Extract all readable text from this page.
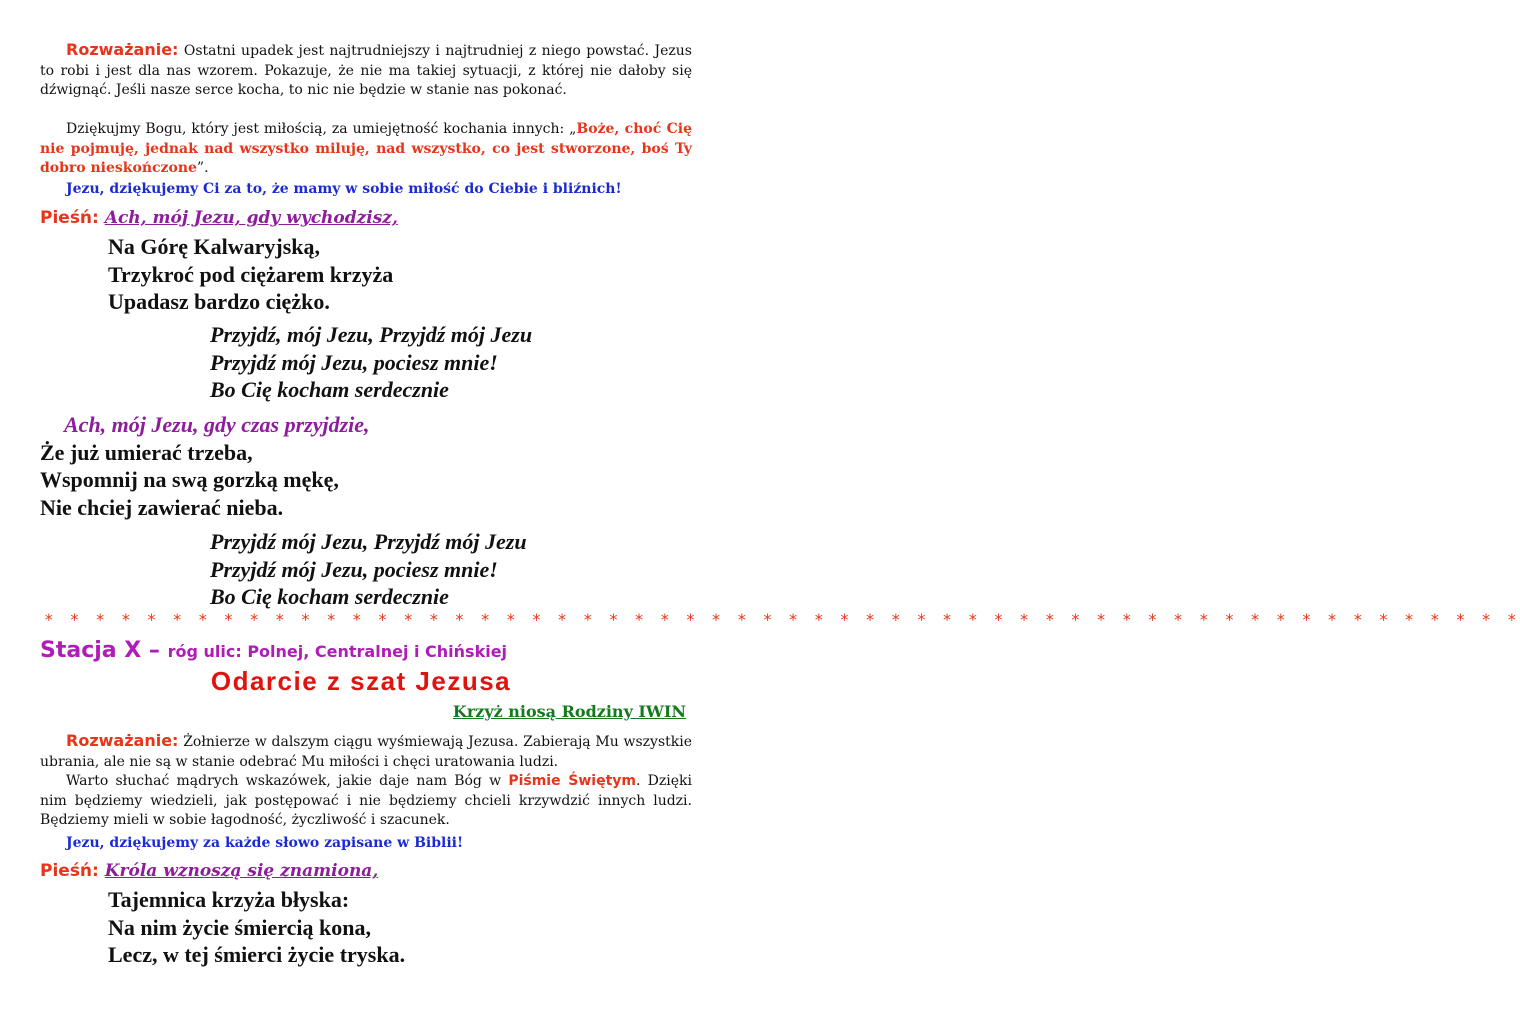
Rozważanie: Ostatni upadek jest najtrudniejszy i najtrudniej z niego powstać. Jezus to robi i jest dla nas wzorem. Pokazuje, że nie ma takiej sytuacji, z której nie dałoby się dźwignąć. Jeśli nasze serce kocha, to nic nie będzie w stanie nas pokonać.

Dziękujmy Bogu, który jest miłością, za umiejętność kochania innych: „Boże, choć Cię nie pojmuję, jednak nad wszystko miluję, nad wszystko, co jest stworzone, boś Ty dobro nieskończone”.

Jezu, dziękujemy Ci za to, że mamy w sobie miłość do Ciebie i bliźnich!

Pieśń: Ach, mój Jezu, gdy wychodzisz,
Na Górę Kalwaryjską,
Trzykroć pod ciężarem krzyża
Upadasz bardzo ciężko.
Przyjdź, mój Jezu, Przyjdź mój Jezu
Przyjdź mój Jezu, pociesz mnie!
Bo Cię kocham serdecznie
Ach, mój Jezu, gdy czas przyjdzie,
Że już umierać trzeba,
Wspomnij na swą gorzką mękę,
Nie chciej zawierać nieba.
Przyjdź mój Jezu, Przyjdź mój Jezu
Przyjdź mój Jezu, pociesz mnie!
Bo Cię kocham serdecznie
* * * * * * * * * * * * * * * * * * * * * * * * * * * * * * * * * * * * * * * * * * * * * * * * * * * * * * * * * *
Stacja X – róg ulic: Polnej, Centralnej i Chińskiej
Odarcie z szat Jezusa
Krzyż niosą Rodziny IWIN

Rozważanie: Żołnierze w dalszym ciągu wyśmiewają Jezusa. Zabierają Mu wszystkie ubrania, ale nie są w stanie odebrać Mu miłości i chęci uratowania ludzi.

Warto słuchać mądrych wskazówek, jakie daje nam Bóg w Piśmie Świętym. Dzięki nim będziemy wiedzieli, jak postępować i nie będziemy chcieli krzywdzić innych ludzi. Będziemy mieli w sobie łagodność, życzliwość i szacunek.

Jezu, dziękujemy za każde słowo zapisane w Biblii!

Pieśń: Króla wznoszą się znamiona,
Tajemnica krzyża błyska:
Na nim życie śmiercią kona,
Lecz, w tej śmierci życie tryska.
